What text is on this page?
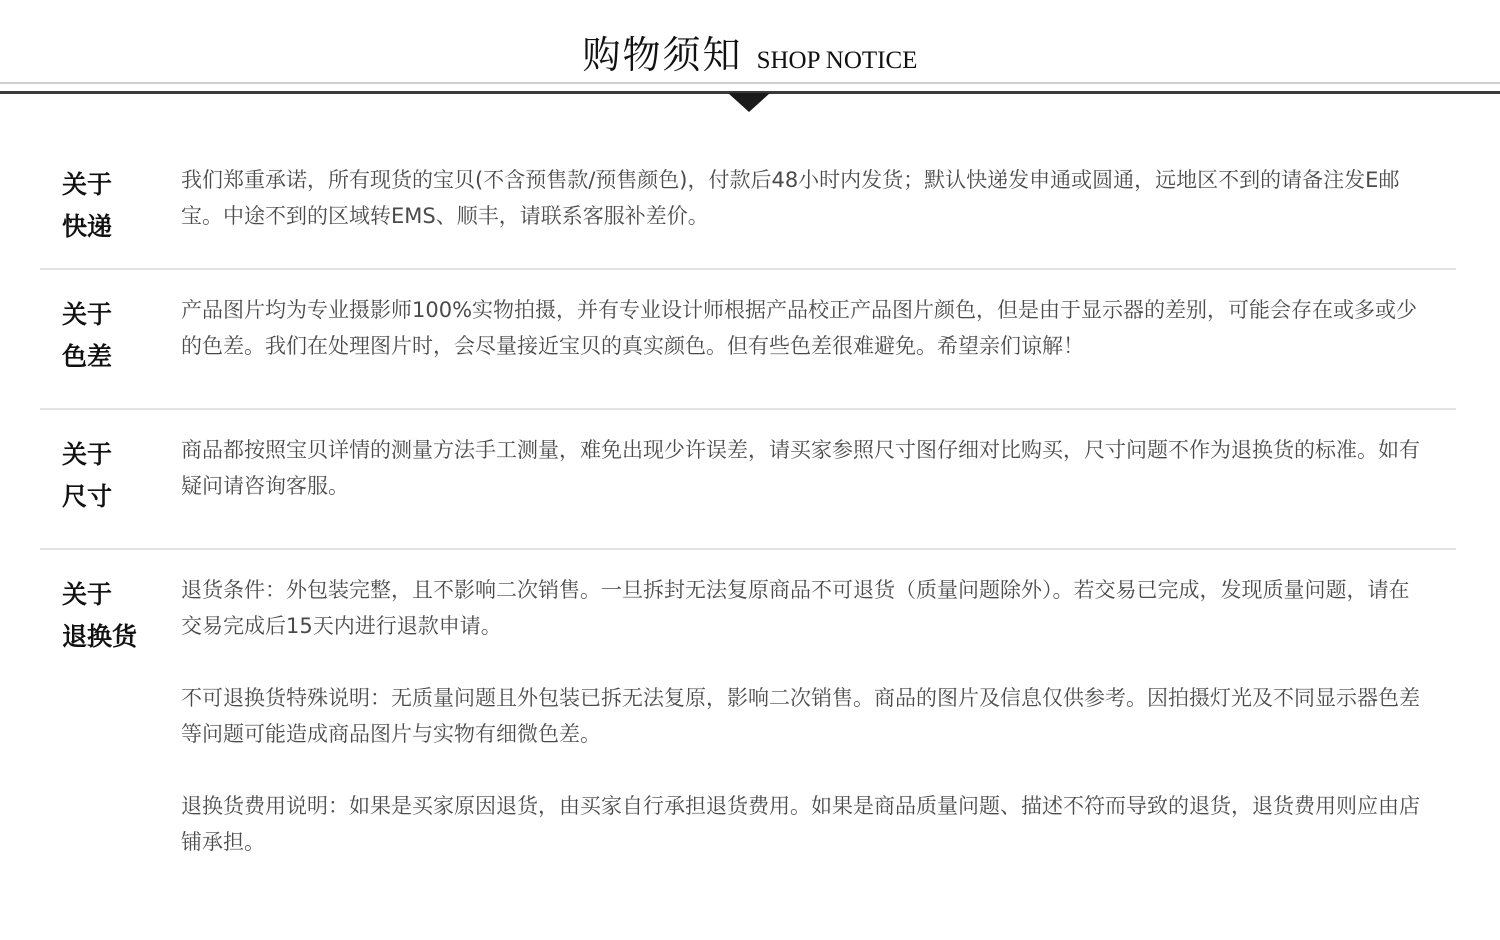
购物须知 SHOP NOTICE
关于
快递

我们郑重承诺，所有现货的宝贝(不含预售款/预售颜色)，付款后48小时内发货；默认快递发申通或圆通，远地区不到的请备注发E邮宝。中途不到的区域转EMS、顺丰，请联系客服补差价。

关于
色差

产品图片均为专业摄影师100%实物拍摄，并有专业设计师根据产品校正产品图片颜色，但是由于显示器的差别，可能会存在或多或少的色差。我们在处理图片时，会尽量接近宝贝的真实颜色。但有些色差很难避免。希望亲们谅解！

关于
尺寸

商品都按照宝贝详情的测量方法手工测量，难免出现少许误差，请买家参照尺寸图仔细对比购买，尺寸问题不作为退换货的标准。如有疑问请咨询客服。

关于
退换货

退货条件：外包装完整，且不影响二次销售。一旦拆封无法复原商品不可退货（质量问题除外）。若交易已完成，发现质量问题，请在交易完成后15天内进行退款申请。

不可退换货特殊说明：无质量问题且外包装已拆无法复原，影响二次销售。商品的图片及信息仅供参考。因拍摄灯光及不同显示器色差等问题可能造成商品图片与实物有细微色差。

退换货费用说明：如果是买家原因退货，由买家自行承担退货费用。如果是商品质量问题、描述不符而导致的退货，退货费用则应由店铺承担。
